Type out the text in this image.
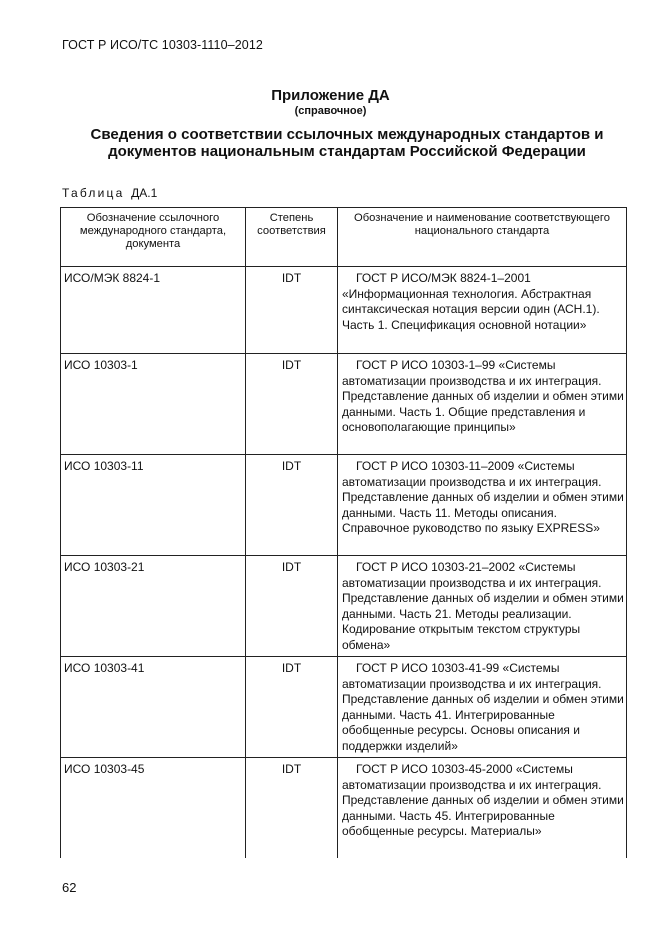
ГОСТ Р ИСО/ТС 10303-1110–2012
Приложение ДА
(справочное)
Сведения о соответствии ссылочных международных стандартов и документов национальным стандартам Российской Федерации
Таблица ДА.1
Обозначение ссылочного международного стандарта, документа	Степень соответствия	Обозначение и наименование соответствующего национального стандарта
ИСО/МЭК 8824-1	IDT	ГОСТ Р ИСО/МЭК 8824-1–2001 «Информационная технология. Абстрактная синтаксическая нотация версии один (АСН.1). Часть 1. Спецификация основной нотации»
ИСО 10303-1	IDT	ГОСТ Р ИСО 10303-1–99 «Системы автоматизации производства и их интеграция. Представление данных об изделии и обмен этими данными. Часть 1. Общие представления и основополагающие принципы»
ИСО 10303-11	IDT	ГОСТ Р ИСО 10303-11–2009 «Системы автоматизации производства и их интеграция. Представление данных об изделии и обмен этими данными. Часть 11. Методы описания. Справочное руководство по языку EXPRESS»
ИСО 10303-21	IDT	ГОСТ Р ИСО 10303-21–2002 «Системы автоматизации производства и их интеграция. Представление данных об изделии и обмен этими данными. Часть 21. Методы реализации. Кодирование открытым текстом структуры обмена»
ИСО 10303-41	IDT	ГОСТ Р ИСО 10303-41-99 «Системы автоматизации производства и их интеграция. Представление данных об изделии и обмен этими данными. Часть 41. Интегрированные обобщенные ресурсы. Основы описания и поддержки изделий»
ИСО 10303-45	IDT	ГОСТ Р ИСО 10303-45-2000 «Системы автоматизации производства и их интеграция. Представление данных об изделии и обмен этими данными. Часть 45. Интегрированные обобщенные ресурсы. Материалы»
62
